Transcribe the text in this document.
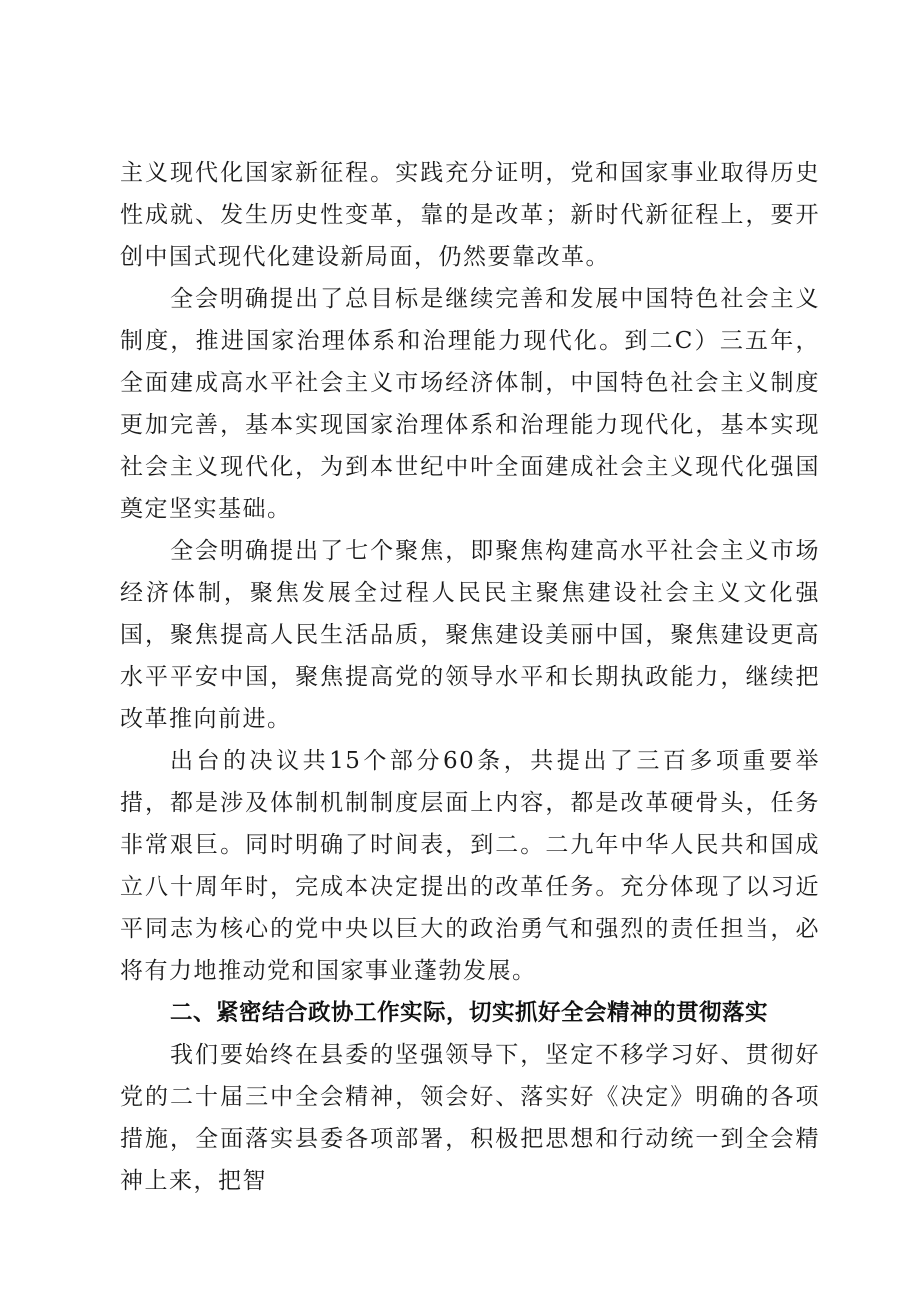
主义现代化国家新征程。实践充分证明，党和国家事业取得历史性成就、发生历史性变革，靠的是改革；新时代新征程上，要开创中国式现代化建设新局面，仍然要靠改革。

全会明确提出了总目标是继续完善和发展中国特色社会主义制度，推进国家治理体系和治理能力现代化。到二C）三五年，全面建成高水平社会主义市场经济体制，中国特色社会主义制度更加完善，基本实现国家治理体系和治理能力现代化，基本实现社会主义现代化，为到本世纪中叶全面建成社会主义现代化强国奠定坚实基础。

全会明确提出了七个聚焦，即聚焦构建高水平社会主义市场经济体制，聚焦发展全过程人民民主聚焦建设社会主义文化强国，聚焦提高人民生活品质，聚焦建设美丽中国，聚焦建设更高水平平安中国，聚焦提高党的领导水平和长期执政能力，继续把改革推向前进。

出台的决议共15个部分60条，共提出了三百多项重要举措，都是涉及体制机制制度层面上内容，都是改革硬骨头，任务非常艰巨。同时明确了时间表，到二。二九年中华人民共和国成立八十周年时，完成本决定提出的改革任务。充分体现了以习近平同志为核心的党中央以巨大的政治勇气和强烈的责任担当，必将有力地推动党和国家事业蓬勃发展。

二、紧密结合政协工作实际，切实抓好全会精神的贯彻落实

我们要始终在县委的坚强领导下，坚定不移学习好、贯彻好党的二十届三中全会精神，领会好、落实好《决定》明确的各项措施，全面落实县委各项部署，积极把思想和行动统一到全会精神上来，把智
